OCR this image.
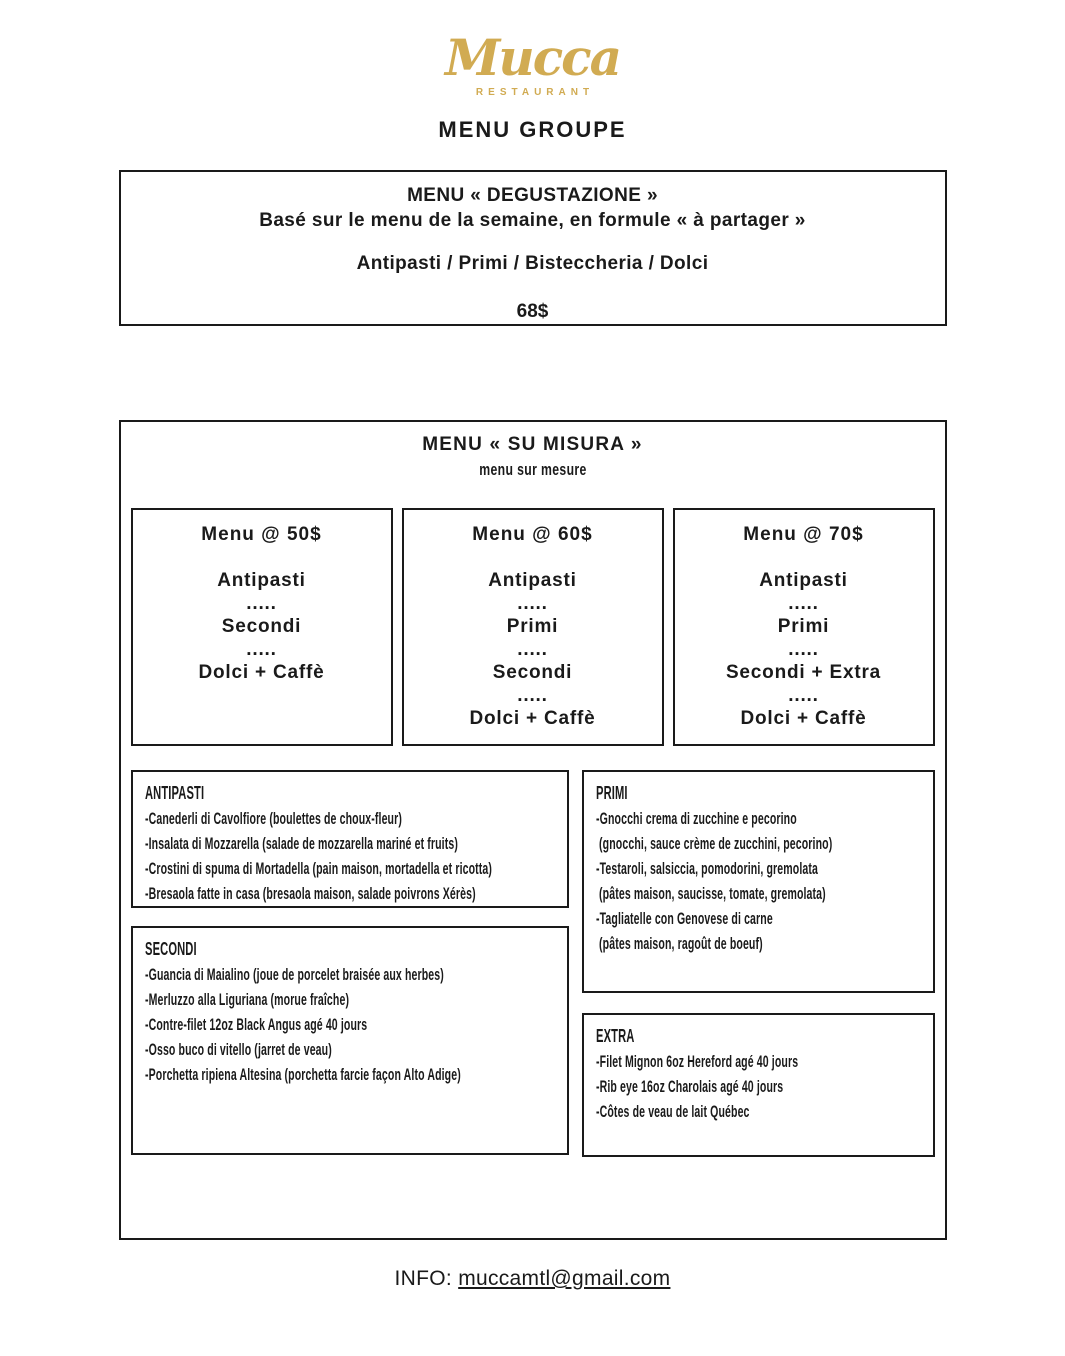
Mucca
RESTAURANT
MENU GROUPE
MENU « DEGUSTAZIONE »
Basé sur le menu de la semaine, en formule « à partager »
Antipasti / Primi / Bisteccheria / Dolci
68$
MENU « SU MISURA »
menu sur mesure
Menu @ 50$
Antipasti
.....
Secondi
.....
Dolci + Caffè
Menu @ 60$
Antipasti
.....
Primi
.....
Secondi
.....
Dolci + Caffè
Menu @ 70$
Antipasti
.....
Primi
.....
Secondi + Extra
.....
Dolci + Caffè
ANTIPASTI
-Canederli di Cavolfiore (boulettes de choux-fleur)
-Insalata di Mozzarella (salade de mozzarella mariné et fruits)
-Crostini di spuma di Mortadella (pain maison, mortadella et ricotta)
-Bresaola fatte in casa (bresaola maison, salade poivrons Xérès)
SECONDI
-Guancia di Maialino (joue de porcelet braisée aux herbes)
-Merluzzo alla Liguriana (morue fraîche)
-Contre-filet 12oz Black Angus agé 40 jours
-Osso buco di vitello (jarret de veau)
-Porchetta ripiena Altesina (porchetta farcie façon Alto Adige)
PRIMI
-Gnocchi crema di zucchine e pecorino
(gnocchi, sauce crème de zucchini, pecorino)
-Testaroli, salsiccia, pomodorini, gremolata
(pâtes maison, saucisse, tomate, gremolata)
-Tagliatelle con Genovese di carne
(pâtes maison, ragoût de boeuf)
EXTRA
-Filet Mignon 6oz Hereford agé 40 jours
-Rib eye 16oz Charolais agé 40 jours
-Côtes de veau de lait Québec
INFO: muccamtl@gmail.com
